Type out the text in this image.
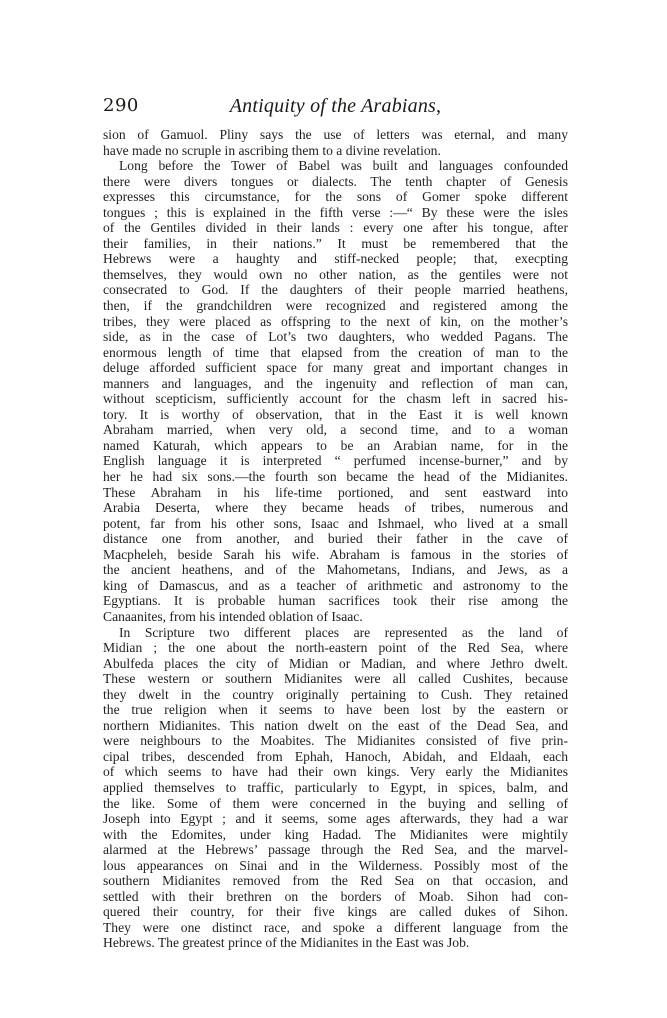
290	Antiquity of the Arabians,
sion of Gamuol. Pliny says the use of letters was eternal, and many
have made no scruple in ascribing them to a divine revelation.
Long before the Tower of Babel was built and languages confounded
there were divers tongues or dialects. The tenth chapter of Genesis
expresses this circumstance, for the sons of Gomer spoke different
tongues ; this is explained in the fifth verse :—“ By these were the isles
of the Gentiles divided in their lands : every one after his tongue, after
their families, in their nations.” It must be remembered that the
Hebrews were a haughty and stiff-necked people; that, execpting
themselves, they would own no other nation, as the gentiles were not
consecrated to God. If the daughters of their people married heathens,
then, if the grandchildren were recognized and registered among the
tribes, they were placed as offspring to the next of kin, on the mother’s
side, as in the case of Lot’s two daughters, who wedded Pagans. The
enormous length of time that elapsed from the creation of man to the
deluge afforded sufficient space for many great and important changes in
manners and languages, and the ingenuity and reflection of man can,
without scepticism, sufficiently account for the chasm left in sacred his-
tory. It is worthy of observation, that in the East it is well known
Abraham married, when very old, a second time, and to a woman
named Katurah, which appears to be an Arabian name, for in the
English language it is interpreted “ perfumed incense-burner,” and by
her he had six sons.—the fourth son became the head of the Midianites.
These Abraham in his life-time portioned, and sent eastward into
Arabia Deserta, where they became heads of tribes, numerous and
potent, far from his other sons, Isaac and Ishmael, who lived at a small
distance one from another, and buried their father in the cave of
Macpheleh, beside Sarah his wife. Abraham is famous in the stories of
the ancient heathens, and of the Mahometans, Indians, and Jews, as a
king of Damascus, and as a teacher of arithmetic and astronomy to the
Egyptians. It is probable human sacrifices took their rise among the
Canaanites, from his intended oblation of Isaac.
In Scripture two different places are represented as the land of
Midian ; the one about the north-eastern point of the Red Sea, where
Abulfeda places the city of Midian or Madian, and where Jethro dwelt.
These western or southern Midianites were all called Cushites, because
they dwelt in the country originally pertaining to Cush. They retained
the true religion when it seems to have been lost by the eastern or
northern Midianites. This nation dwelt on the east of the Dead Sea, and
were neighbours to the Moabites. The Midianites consisted of five prin-
cipal tribes, descended from Ephah, Hanoch, Abidah, and Eldaah, each
of which seems to have had their own kings. Very early the Midianites
applied themselves to traffic, particularly to Egypt, in spices, balm, and
the like. Some of them were concerned in the buying and selling of
Joseph into Egypt ; and it seems, some ages afterwards, they had a war
with the Edomites, under king Hadad. The Midianites were mightily
alarmed at the Hebrews’ passage through the Red Sea, and the marvel-
lous appearances on Sinai and in the Wilderness. Possibly most of the
southern Midianites removed from the Red Sea on that occasion, and
settled with their brethren on the borders of Moab. Sihon had con-
quered their country, for their five kings are called dukes of Sihon.
They were one distinct race, and spoke a different language from the
Hebrews. The greatest prince of the Midianites in the East was Job.
